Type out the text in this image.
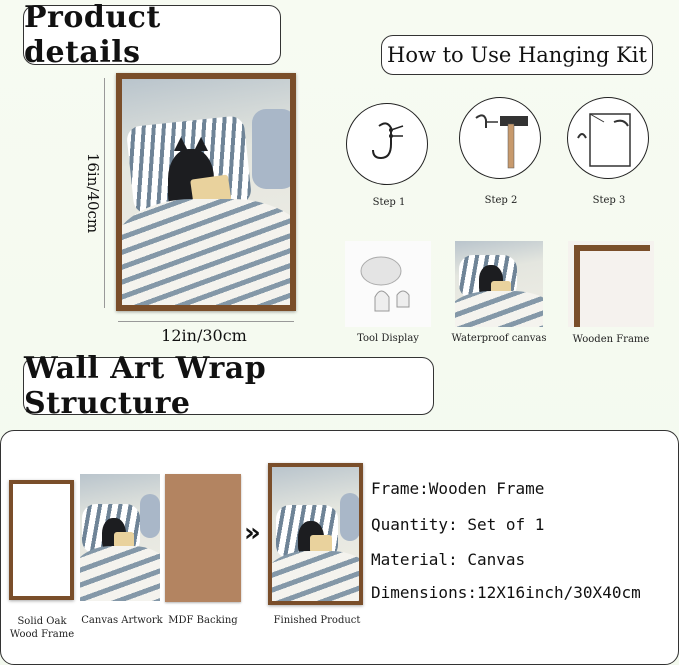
Product details	How to Use Hanging Kit
16in/40cm
12in/30cm
Step 1	Step 2	Step 3
Tool Display	Waterproof canvas	Wooden Frame
Wall Art Wrap Structure
»
Solid Oak Wood Frame
Canvas Artwork MDF Backing	Finished Product
Frame:Wooden Frame
Quantity: Set of 1
Material: Canvas
Dimensions:12X16inch/30X40cm
